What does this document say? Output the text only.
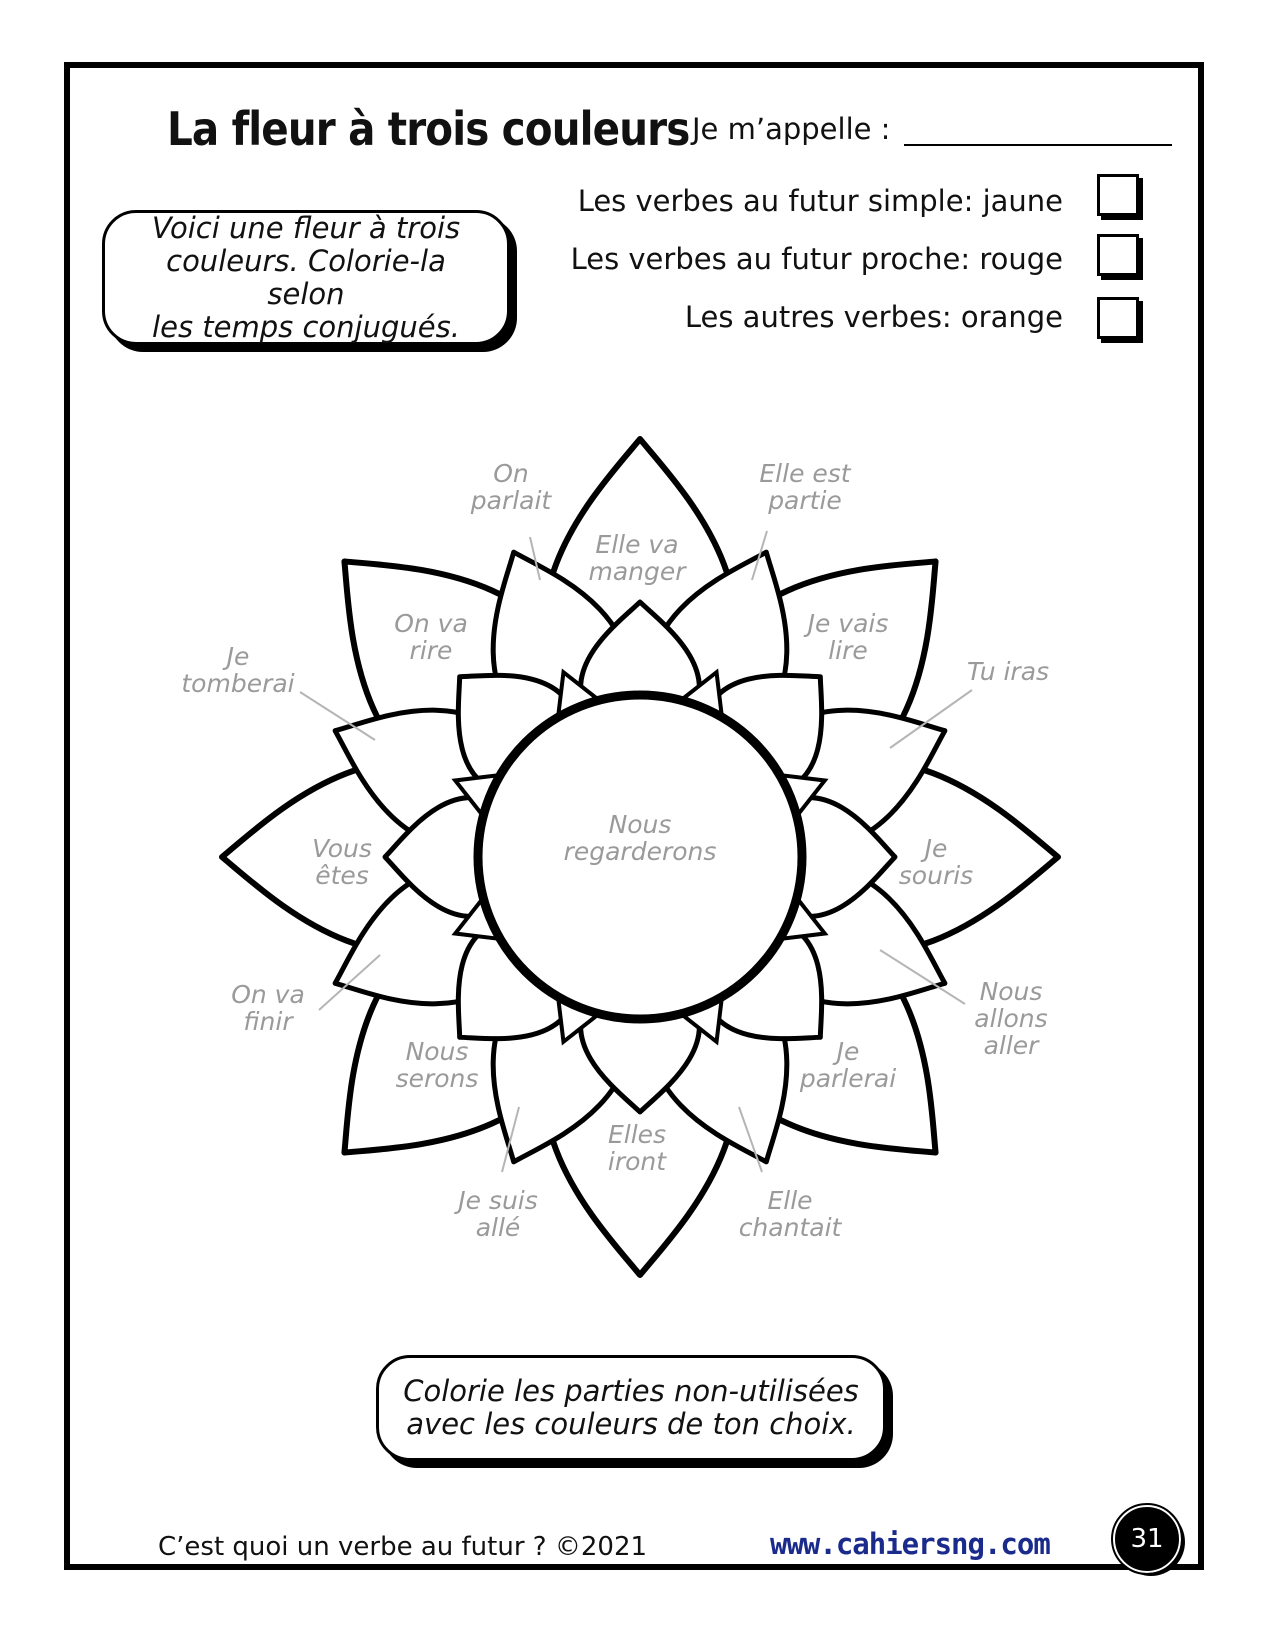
La fleur à trois couleurs Je m’appelle :
Les verbes au futur simple: jaune
Les verbes au futur proche: rouge
Les autres verbes: orange
Voici une fleur à trois
couleurs. Colorie-la selon
les temps conjugués.
Nous regarderons
Elle va manger
Je vais lire
Je souris
Je parlerai
Elles iront
Nous serons
Vous êtes
On va rire
Elle est partie
Tu iras
Nous allons aller
Elle chantait
Je suis allé
On va finir
Je tomberai
On parlait
Colorie les parties non-utilisées
avec les couleurs de ton choix.
C’est quoi un verbe au futur ? ©2021	www.cahiersng.com	31
